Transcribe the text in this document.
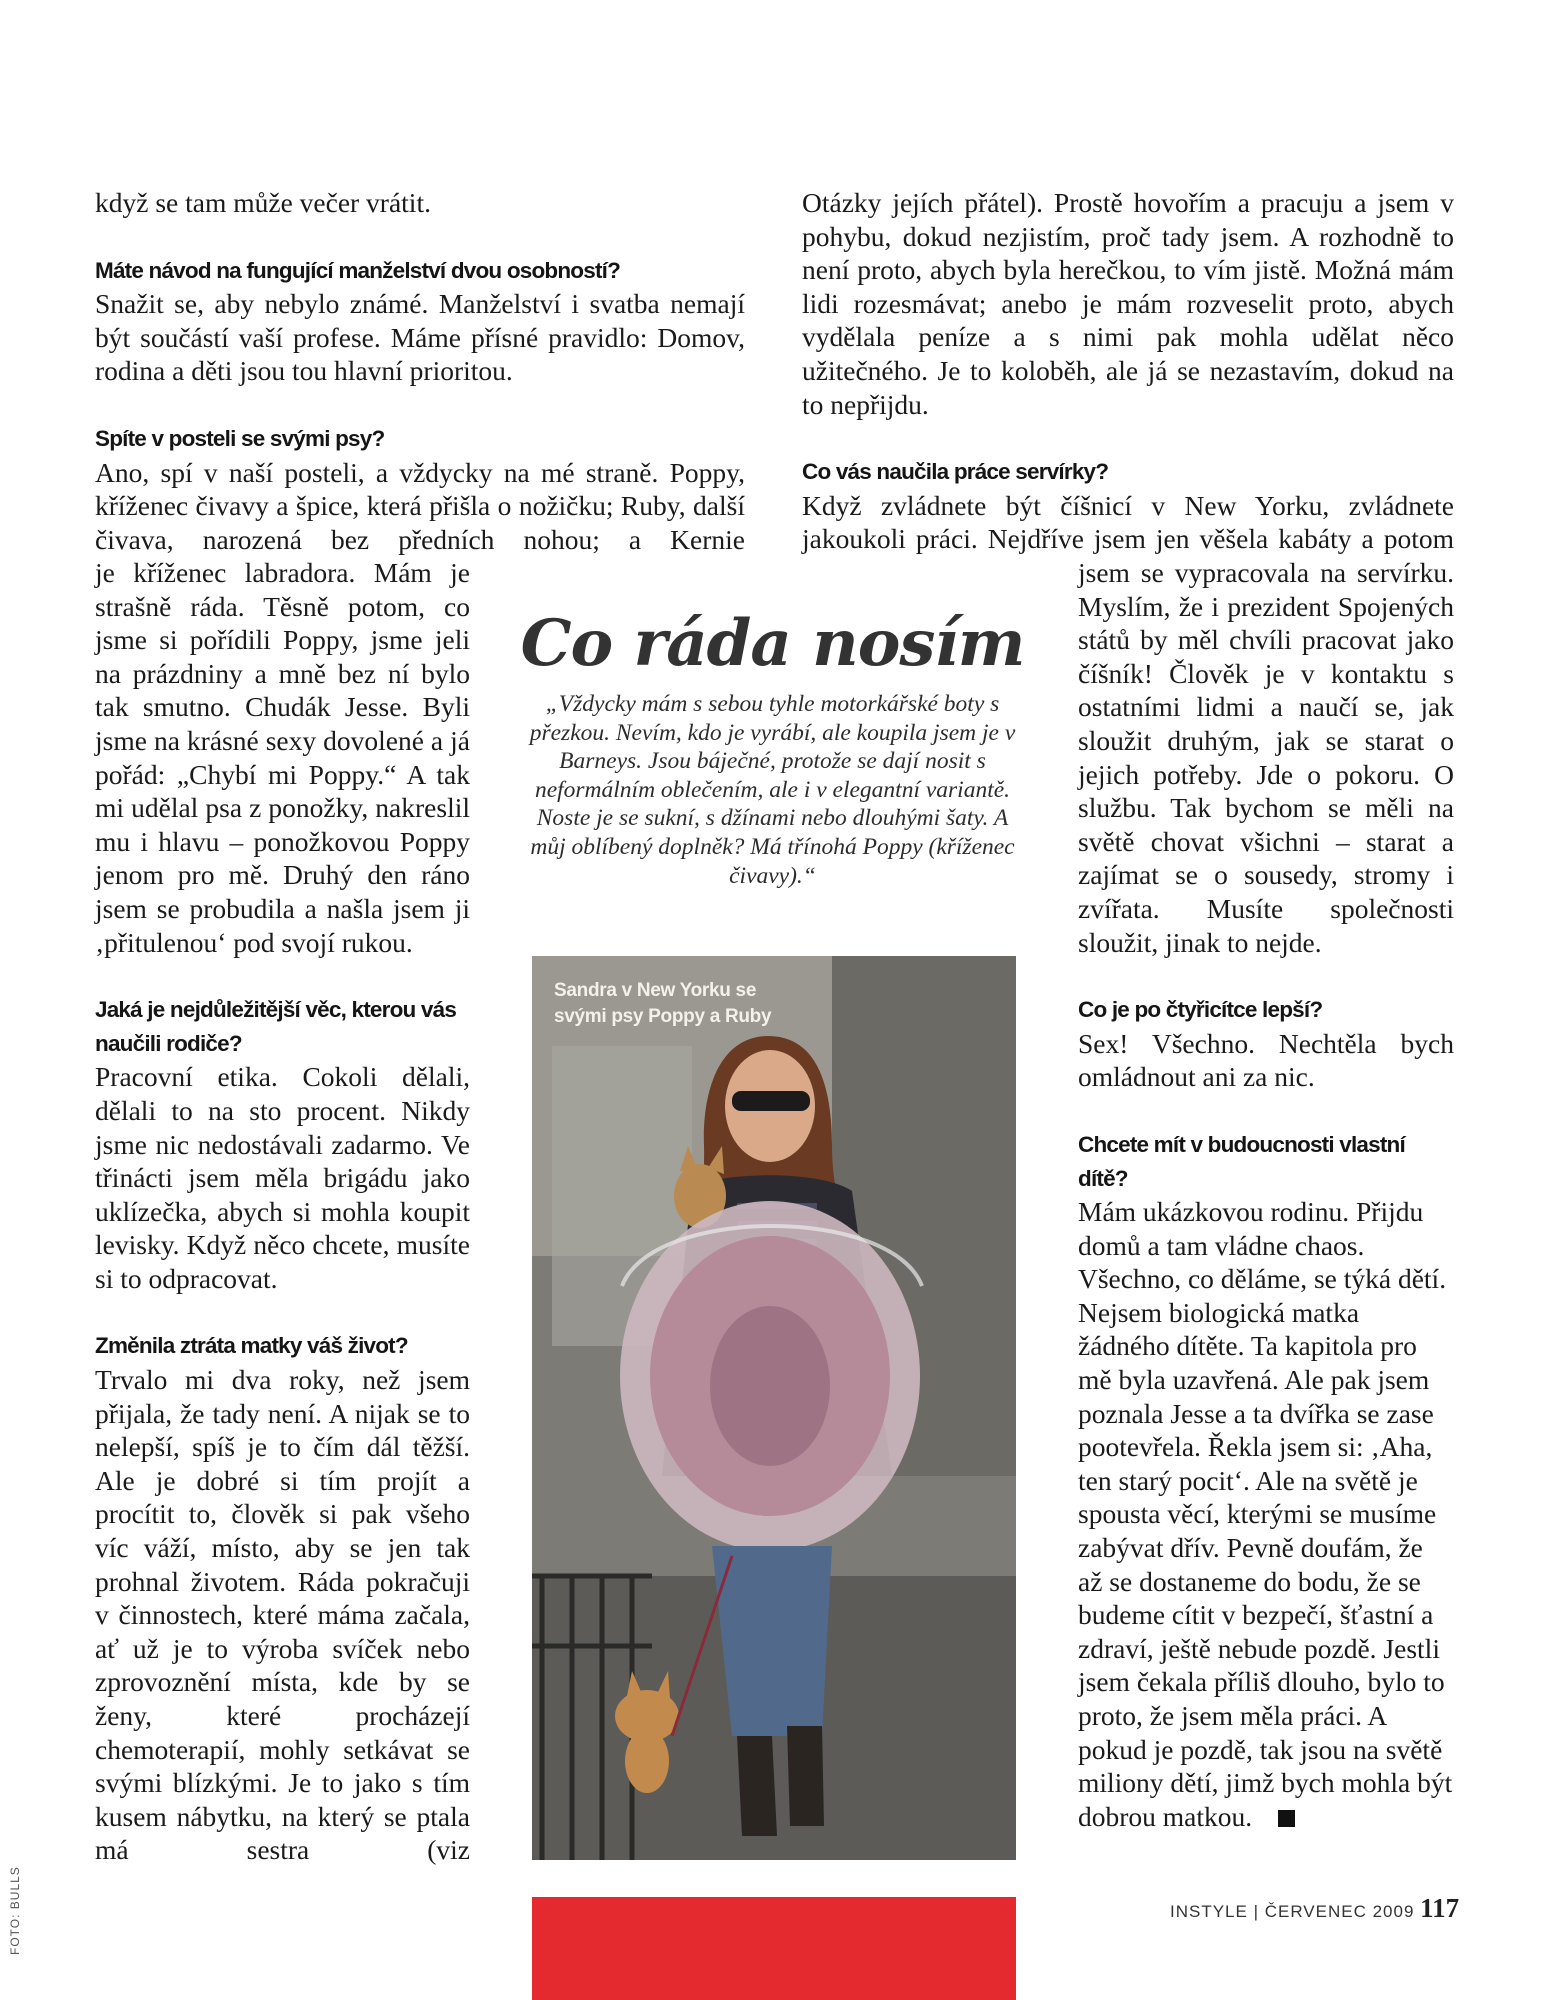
když se tam může večer vrátit.

Máte návod na fungující manželství dvou osobností?

Snažit se, aby nebylo známé. Manželství i svatba nemají být součástí vaší profese. Máme přísné pravidlo: Domov, rodina a děti jsou tou hlavní prioritou.

Spíte v posteli se svými psy?

Ano, spí v naší posteli, a vždycky na mé straně. Poppy, kříženec čivavy a špice, která přišla o nožičku; Ruby, další čivava, narozená bez předních nohou; a Kernie

je kříženec labradora. Mám je strašně ráda. Těsně potom, co jsme si pořídili Poppy, jsme jeli na prázdniny a mně bez ní bylo tak smutno. Chudák Jesse. Byli jsme na krásné sexy dovolené a já pořád: „Chybí mi Poppy.“ A tak mi udělal psa z ponožky, nakreslil mu i hlavu – ponožkovou Poppy jenom pro mě. Druhý den ráno jsem se probudila a našla jsem ji ‚přitulenou‘ pod svojí rukou.

Jaká je nejdůležitější věc, kterou vás naučili rodiče?

Pracovní etika. Cokoli dělali, dělali to na sto procent. Nikdy jsme nic nedostávali zadarmo. Ve třinácti jsem měla brigádu jako uklízečka, abych si mohla koupit levisky. Když něco chcete, musíte si to odpracovat.

Změnila ztráta matky váš život?

Trvalo mi dva roky, než jsem přijala, že tady není. A nijak se to nelepší, spíš je to čím dál těžší. Ale je dobré si tím projít a procítit to, člověk si pak všeho víc váží, místo, aby se jen tak prohnal životem. Ráda pokračuji v činnostech, které máma začala, ať už je to výroba svíček nebo zprovoznění místa, kde by se ženy, které procházejí chemoterapií, mohly setkávat se svými blízkými. Je to jako s tím kusem nábytku, na který se ptala má sestra (viz

Otázky jejích přátel). Prostě hovořím a pracuju a jsem v pohybu, dokud nezjistím, proč tady jsem. A rozhodně to není proto, abych byla herečkou, to vím jistě. Možná mám lidi rozesmávat; anebo je mám rozveselit proto, abych vydělala peníze a s nimi pak mohla udělat něco užitečného. Je to koloběh, ale já se nezastavím, dokud na to nepřijdu.

Co vás naučila práce servírky?

Když zvládnete být číšnicí v New Yorku, zvládnete jakoukoli práci. Nejdříve jsem jen věšela kabáty a potom

jsem se vypracovala na servírku. Myslím, že i prezident Spojených států by měl chvíli pracovat jako číšník! Člověk je v kontaktu s ostatními lidmi a naučí se, jak sloužit druhým, jak se starat o jejich potřeby. Jde o pokoru. O službu. Tak bychom se měli na světě chovat všichni – starat a zajímat se o sousedy, stromy i zvířata. Musíte společnosti sloužit, jinak to nejde.

Co je po čtyřicítce lepší?

Sex! Všechno. Nechtěla bych omládnout ani za nic.

Chcete mít v budoucnosti vlastní dítě?

Mám ukázkovou rodinu. Přijdu domů a tam vládne chaos. Všechno, co děláme, se týká dětí. Nejsem biologická matka žádného dítěte. Ta kapitola pro mě byla uzavřená. Ale pak jsem poznala Jesse a ta dvířka se zase pootevřela. Řekla jsem si: ‚Aha, ten starý pocit‘. Ale na světě je spousta věcí, kterými se musíme zabývat dřív. Pevně doufám, že až se dostaneme do bodu, že se budeme cítit v bezpečí, šťastní a zdraví, ještě nebude pozdě. Jestli jsem čekala příliš dlouho, bylo to proto, že jsem měla práci. A pokud je pozdě, tak jsou na světě miliony dětí, jimž bych mohla být dobrou matkou.

Co ráda nosím
„Vždycky mám s sebou tyhle motorkářské boty s přezkou. Nevím, kdo je vyrábí, ale koupila jsem je v Barneys. Jsou báječné, protože se dají nosit s neformálním oblečením, ale i v elegantní variantě. Noste je se sukní, s džínami nebo dlouhými šaty. A můj oblíbený doplněk? Má třínohá Poppy (kříženec čivavy).“
Sandra v New Yorku se svými psy Poppy a Ruby
FOTO: BULLS	INSTYLE | ČERVENEC 2009 117
